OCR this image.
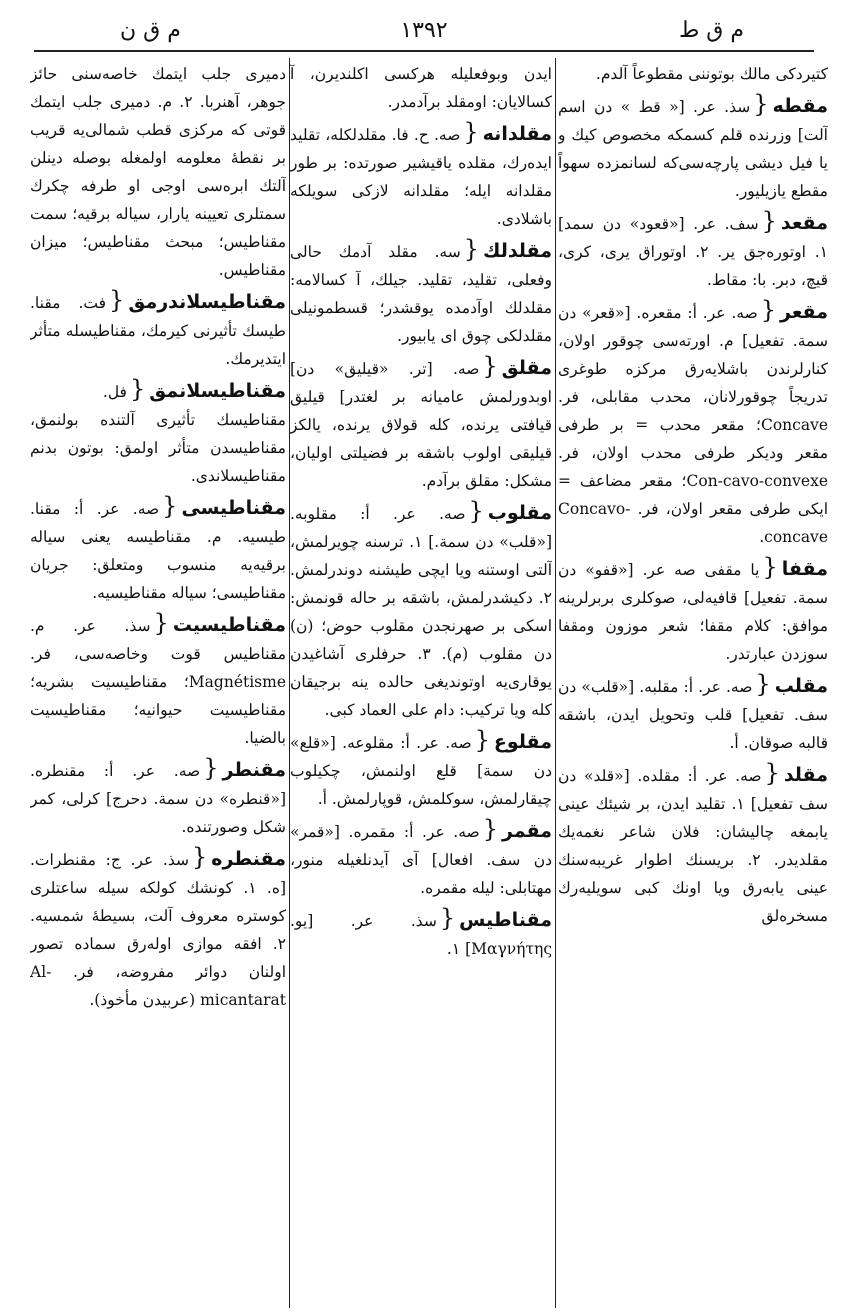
م ق ن	١٣٩٢	م ق ط

كتيردكى مالك بوتوننى مقطوعاً آلدم.

مقطه{سذ. عر. [« قط » دن اسم آلت] وزرنده قلم كسمكه مخصوص كيك و يا فيل ديشى پارچه‌سى‌كه لسانمزده سهواً مقطع يازيليور.

مقعد{سف. عر. [«قعود» دن سمد] ١. اوتوره‌جق ير. ٢. اوتوراق يرى، كرى، قيچ، دبر. با: مقاط.

مقعر{صه. عر. أ: مقعره. [«قعر» دن سمة. تفعيل] م. اورته‌سى چوقور اولان، كنارلرندن باشلايه‌رق مركزه طوغرى تدريجاً چوقورلانان، محدب مقابلى، فر. Concave؛ مقعر محدب = بر طرفى مقعر وديكر طرفى محدب اولان، فر. Con-cavo-convexe؛ مقعر مضاعف = ايكى طرفى مقعر اولان، فر. Concavo-concave.

مقفا{يا مقفى صه عر. [«قفو» دن سمة. تفعيل] قافيه‌لى، صوكلرى بربرلرينه موافق: كلام مقفا؛ شعر موزون ومقفا سوزدن عبارتدر.

مقلب{صه. عر. أ: مقلبه. [«قلب» دن سف. تفعيل] قلب وتحويل ايدن، باشقه قالبه صوقان. أ.

مقلد{صه. عر. أ: مقلده. [«قلد» دن سف تفعيل] ١. تقليد ايدن، بر شيئك عينى يابمغه چاليشان: فلان شاعر نغمه‌يك مقلديدر. ٢. بريسنك اطوار غريبه‌سنك عينى يابه‌رق ويا اونك كبى سويليه‌رك مسخره‌لق

ايدن وبوفعليله هركسى اكلنديرن، آ كسالايان: اومقلد برآدمدر.

مقلدانه{صه. ح. فا. مقلدلكله، تقليد ايده‌رك، مقلده ياقيشير صورتده: بر طور مقلدانه ايله؛ مقلدانه لازكى سويلكه باشلادى.

مقلدلك{سه. مقلد آدمك حالى وفعلى، تقليد، تقليد. جيلك، آ كسالامه: مقلدلك اوآدمده يوقشدر؛ قسطمونيلى مقلدلكى چوق اى يابيور.

مقلق{صه. [تر. «قيليق» دن] اوبدورلمش عاميانه بر لغتدر] قيليق قيافتى يرنده، كله قولاق يرنده، يالكز قيليقى اولوب باشقه بر فضيلتى اوليان، مشكل: مقلق برآدم.

مقلوب{صه. عر. أ: مقلوبه. [«قلب» دن سمة.] ١. ترسنه چويرلمش، آلتى اوستنه ويا ايچى طيشنه دوندرلمش. ٢. دكيشدرلمش، باشقه بر حاله قونمش: اسكى بر صهرنجدن مقلوب حوض؛ (ن) دن مقلوب (م). ٣. حرفلرى آشاغيدن يوقارى‌يه اوتونديغى حالده ينه برجيقان كله ويا تركيب: دام على العماد كبى.

مقلوع{صه. عر. أ: مقلوعه. [«قلع» دن سمة] قلع اولنمش، چكيلوب چيقارلمش، سوكلمش، قوپارلمش. أ.

مقمر{صه. عر. أ: مقمره. [«قمر» دن سف. افعال] آى آيدنلغيله منور، مهتابلى: ليله مقمره.

مقناطيس{سذ. عر. [يو. Μαγνήτης] ١.

دميرى جلب ايتمك خاصه‌سنى حائز جوهر، آهنربا. ٢. م. دميرى جلب ايتمك قوتى كه مركزى قطب شمالى‌يه قريب بر نقطهٔ معلومه اولمغله بوصله دينلن آلتك ابره‌سى اوجى او طرفه چكرك سمتلرى تعيينه يارار، سياله برقيه؛ سمت مقناطيس؛ مبحث مقناطيس؛ ميزان مقناطيس.

مقناطيسلاندرمق{فت. مقنا. طيسك تأثيرنى كيرمك، مقناطيسله متأثر ايتديرمك.

مقناطيسلانمق{فل. مقناطيسك تأثيرى آلتنده بولنمق، مقناطيسدن متأثر اولمق: بوتون بدنم مقناطيسلاندى.

مقناطيسى{صه. عر. أ: مقنا. طيسيه. م. مقناطيسه يعنى سياله برقيه‌يه منسوب ومتعلق: جريان مقناطيسى؛ سياله مقناطيسيه.

مقناطيسيت{سذ. عر. م. مقناطيس قوت وخاصه‌سى، فر. Magnétisme؛ مقناطيسيت بشريه؛ مقناطيسيت حيوانيه؛ مقناطيسيت بالضيا.

مقنطر{صه. عر. أ: مقنطره. [«قنطره» دن سمة. دحرج] كرلى، كمر شكل وصورتنده.

مقنطره{سذ. عر. ج: مقنطرات. [ه. ١. كونشك كولكه سيله ساعتلرى كوستره معروف آلت، بسيطهٔ شمسيه. ٢. افقه موازى اوله‌رق سماده تصور اولنان دوائر مفروضه، فر. Al-micantarat (عربيدن مأخوذ).
